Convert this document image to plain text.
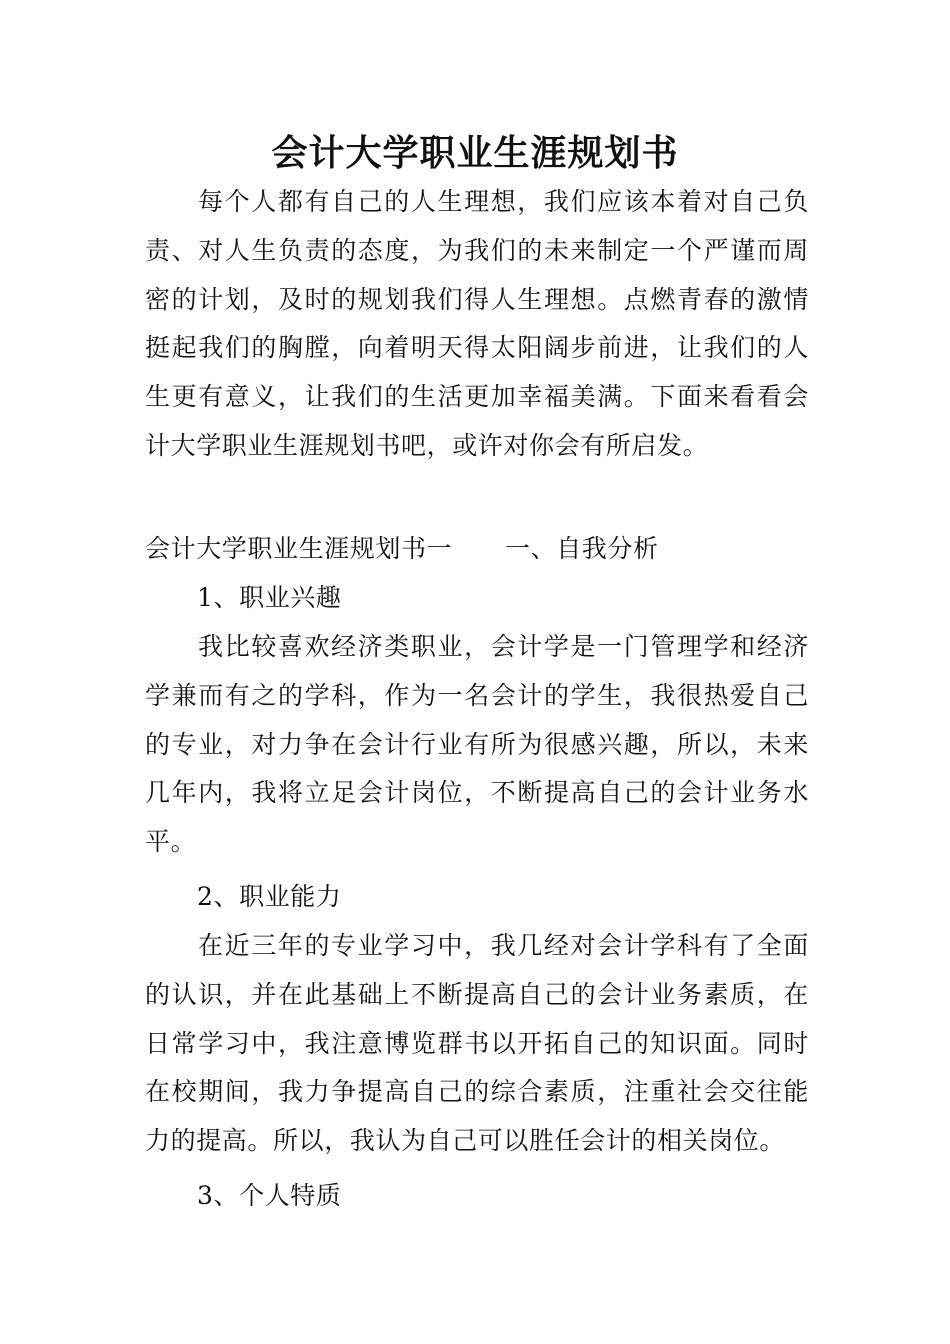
会计大学职业生涯规划书

每个人都有自己的人生理想，我们应该本着对自己负责、对人生负责的态度，为我们的未来制定一个严谨而周密的计划，及时的规划我们得人生理想。点燃青春的激情挺起我们的胸膛，向着明天得太阳阔步前进，让我们的人生更有意义，让我们的生活更加幸福美满。下面来看看会计大学职业生涯规划书吧，或许对你会有所启发。

会计大学职业生涯规划书一 一、自我分析
1、职业兴趣

我比较喜欢经济类职业，会计学是一门管理学和经济学兼而有之的学科，作为一名会计的学生，我很热爱自己的专业，对力争在会计行业有所为很感兴趣，所以，未来几年内，我将立足会计岗位，不断提高自己的会计业务水平。

2、职业能力

在近三年的专业学习中，我几经对会计学科有了全面的认识，并在此基础上不断提高自己的会计业务素质，在日常学习中，我注意博览群书以开拓自己的知识面。同时在校期间，我力争提高自己的综合素质，注重社会交往能力的提高。所以，我认为自己可以胜任会计的相关岗位。

3、个人特质
